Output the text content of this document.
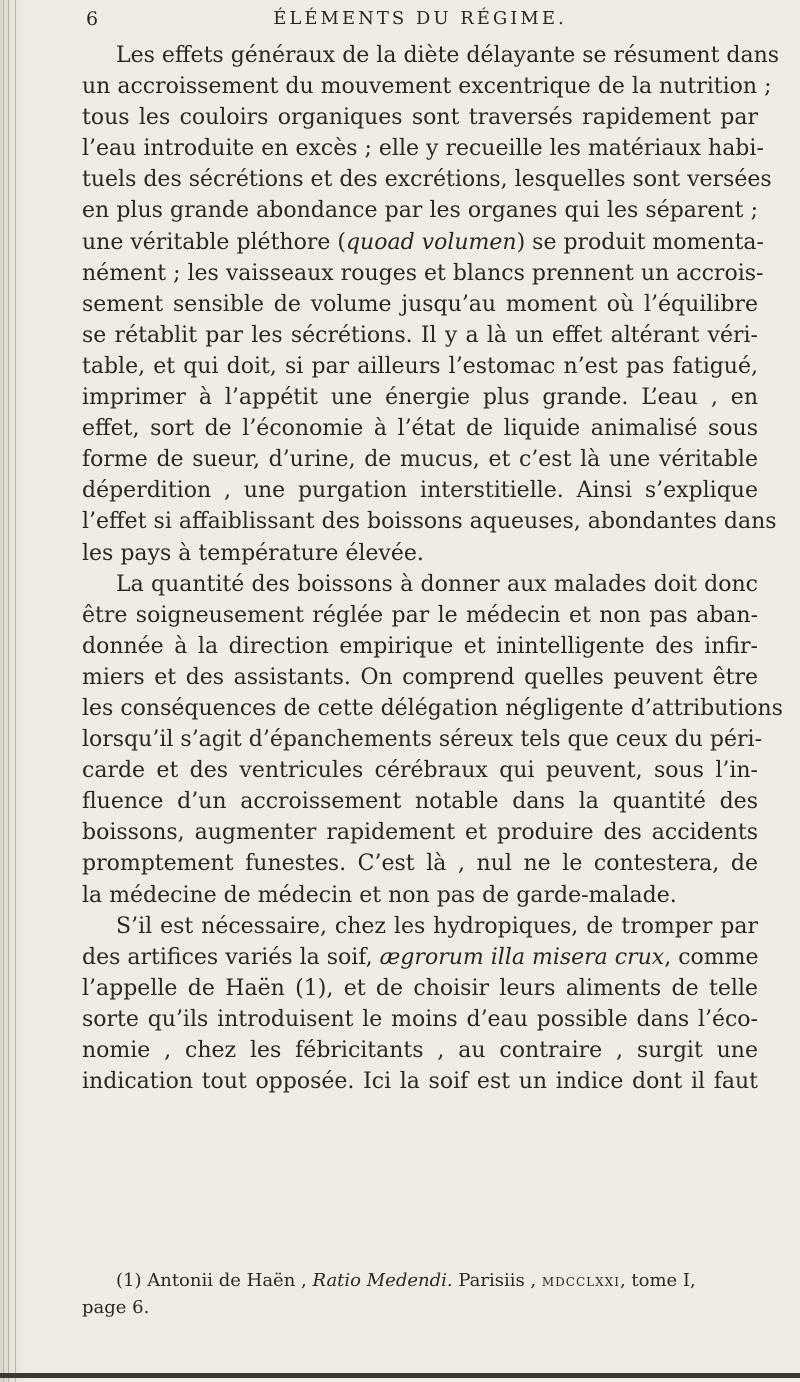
6	ÉLÉMENTS DU RÉGIME.
Les effets généraux de la diète délayante se résument dans
un accroissement du mouvement excentrique de la nutrition ;
tous les couloirs organiques sont traversés rapidement par
l’eau introduite en excès ; elle y recueille les matériaux habi-
tuels des sécrétions et des excrétions, lesquelles sont versées
en plus grande abondance par les organes qui les séparent ;
une véritable pléthore (quoad volumen) se produit momenta-
nément ; les vaisseaux rouges et blancs prennent un accrois-
sement sensible de volume jusqu’au moment où l’équilibre
se rétablit par les sécrétions. Il y a là un effet altérant véri-
table, et qui doit, si par ailleurs l’estomac n’est pas fatigué,
imprimer à l’appétit une énergie plus grande. L’eau , en
effet, sort de l’économie à l’état de liquide animalisé sous
forme de sueur, d’urine, de mucus, et c’est là une véritable
déperdition , une purgation interstitielle. Ainsi s’explique
l’effet si affaiblissant des boissons aqueuses, abondantes dans
les pays à température élevée.
La quantité des boissons à donner aux malades doit donc
être soigneusement réglée par le médecin et non pas aban-
donnée à la direction empirique et inintelligente des infir-
miers et des assistants. On comprend quelles peuvent être
les conséquences de cette délégation négligente d’attributions
lorsqu’il s’agit d’épanchements séreux tels que ceux du péri-
carde et des ventricules cérébraux qui peuvent, sous l’in-
fluence d’un accroissement notable dans la quantité des
boissons, augmenter rapidement et produire des accidents
promptement funestes. C’est là , nul ne le contestera, de
la médecine de médecin et non pas de garde-malade.
S’il est nécessaire, chez les hydropiques, de tromper par
des artifices variés la soif, ægrorum illa misera crux, comme
l’appelle de Haën (1), et de choisir leurs aliments de telle
sorte qu’ils introduisent le moins d’eau possible dans l’éco-
nomie , chez les fébricitants , au contraire , surgit une
indication tout opposée. Ici la soif est un indice dont il faut
(1) Antonii de Haën , Ratio Medendi. Parisiis , MDCCLXXI, tome I,
page 6.
